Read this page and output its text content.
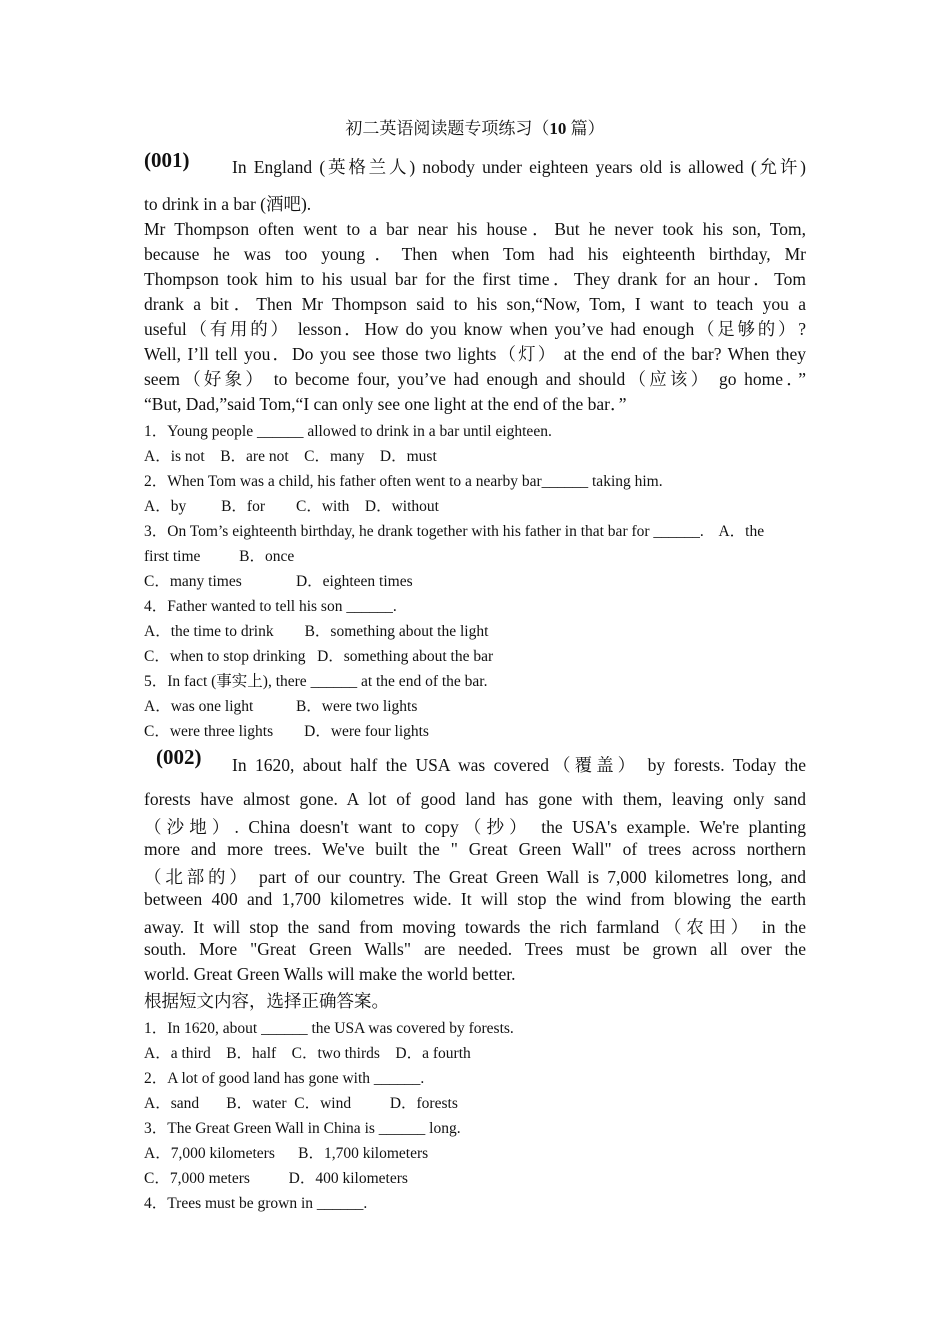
初二英语阅读题专项练习（10 篇）
(001) In England (英格兰人) nobody under eighteen years old is allowed (允许)
to drink in a bar (酒吧).
Mr Thompson often went to a bar near his house．But he never took his son, Tom,
because he was too young．Then when Tom had his eighteenth birthday, Mr
Thompson took him to his usual bar for the first time．They drank for an hour．Tom
drank a bit．Then Mr Thompson said to his son,“Now, Tom, I want to teach you a
useful（有用的） lesson．How do you know when you’ve had enough（足够的）?
Well, I’ll tell you．Do you see those two lights（灯） at the end of the bar? When they
seem（好象） to become four, you’ve had enough and should（应该） go home．”
“But, Dad,”said Tom,“I can only see one light at the end of the bar．”
1．Young people ______ allowed to drink in a bar until eighteen.
A．is not    B．are not    C．many    D．must
2．When Tom was a child, his father often went to a nearby bar______ taking him.
A．by         B．for        C．with    D．without
3．On Tom’s eighteenth birthday, he drank together with his father in that bar for ______.    A．the
first time          B．once
C．many times              D．eighteen times
4．Father wanted to tell his son ______.
A．the time to drink        B．something about the light
C．when to stop drinking   D．something about the bar
5．In fact (事实上), there ______ at the end of the bar.
A．was one light           B．were two lights
C．were three lights        D．were four lights
(002) In 1620, about half the USA was covered（覆盖） by forests. Today the
forests have almost gone. A lot of good land has gone with them, leaving only sand
（沙地）. China doesn't want to copy（抄） the USA's example. We're planting
more and more trees. We've built the " Great Green Wall" of trees across northern
（北部的） part of our country. The Great Green Wall is 7,000 kilometres long, and
between 400 and 1,700 kilometres wide. It will stop the wind from blowing the earth
away. It will stop the sand from moving towards the rich farmland（农田） in the
south. More "Great Green Walls" are needed. Trees must be grown all over the
world. Great Green Walls will make the world better.
根据短文内容，选择正确答案。
1．In 1620, about ______ the USA was covered by forests.
A．a third    B．half    C．two thirds    D．a fourth
2．A lot of good land has gone with ______.
A．sand       B．water  C．wind          D．forests
3．The Great Green Wall in China is ______ long.
A．7,000 kilometers      B．1,700 kilometers
C．7,000 meters          D．400 kilometers
4．Trees must be grown in ______.
